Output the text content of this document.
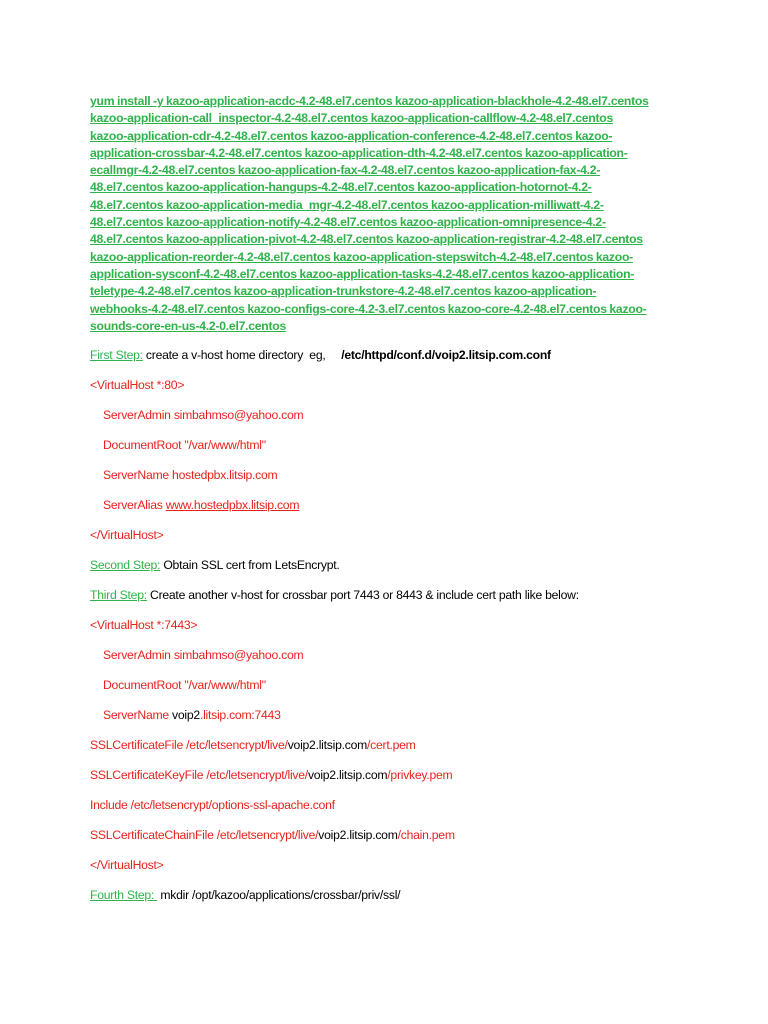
yum install -y kazoo-application-acdc-4.2-48.el7.centos kazoo-application-blackhole-4.2-48.el7.centos
kazoo-application-call_inspector-4.2-48.el7.centos kazoo-application-callflow-4.2-48.el7.centos
kazoo-application-cdr-4.2-48.el7.centos kazoo-application-conference-4.2-48.el7.centos kazoo-
application-crossbar-4.2-48.el7.centos kazoo-application-dth-4.2-48.el7.centos kazoo-application-
ecallmgr-4.2-48.el7.centos kazoo-application-fax-4.2-48.el7.centos kazoo-application-fax-4.2-
48.el7.centos kazoo-application-hangups-4.2-48.el7.centos kazoo-application-hotornot-4.2-
48.el7.centos kazoo-application-media_mgr-4.2-48.el7.centos kazoo-application-milliwatt-4.2-
48.el7.centos kazoo-application-notify-4.2-48.el7.centos kazoo-application-omnipresence-4.2-
48.el7.centos kazoo-application-pivot-4.2-48.el7.centos kazoo-application-registrar-4.2-48.el7.centos
kazoo-application-reorder-4.2-48.el7.centos kazoo-application-stepswitch-4.2-48.el7.centos kazoo-
application-sysconf-4.2-48.el7.centos kazoo-application-tasks-4.2-48.el7.centos kazoo-application-
teletype-4.2-48.el7.centos kazoo-application-trunkstore-4.2-48.el7.centos kazoo-application-
webhooks-4.2-48.el7.centos kazoo-configs-core-4.2-3.el7.centos kazoo-core-4.2-48.el7.centos kazoo-
sounds-core-en-us-4.2-0.el7.centos
First Step: create a v-host home directory  eg,     /etc/httpd/conf.d/voip2.litsip.com.conf
<VirtualHost *:80>
ServerAdmin simbahmso@yahoo.com
DocumentRoot "/var/www/html"
ServerName hostedpbx.litsip.com
ServerAlias www.hostedpbx.litsip.com
</VirtualHost>
Second Step: Obtain SSL cert from LetsEncrypt.
Third Step: Create another v-host for crossbar port 7443 or 8443 & include cert path like below:
<VirtualHost *:7443>
ServerAdmin simbahmso@yahoo.com
DocumentRoot "/var/www/html"
ServerName voip2.litsip.com:7443
SSLCertificateFile /etc/letsencrypt/live/voip2.litsip.com/cert.pem
SSLCertificateKeyFile /etc/letsencrypt/live/voip2.litsip.com/privkey.pem
Include /etc/letsencrypt/options-ssl-apache.conf
SSLCertificateChainFile /etc/letsencrypt/live/voip2.litsip.com/chain.pem
</VirtualHost>
Fourth Step:  mkdir /opt/kazoo/applications/crossbar/priv/ssl/
